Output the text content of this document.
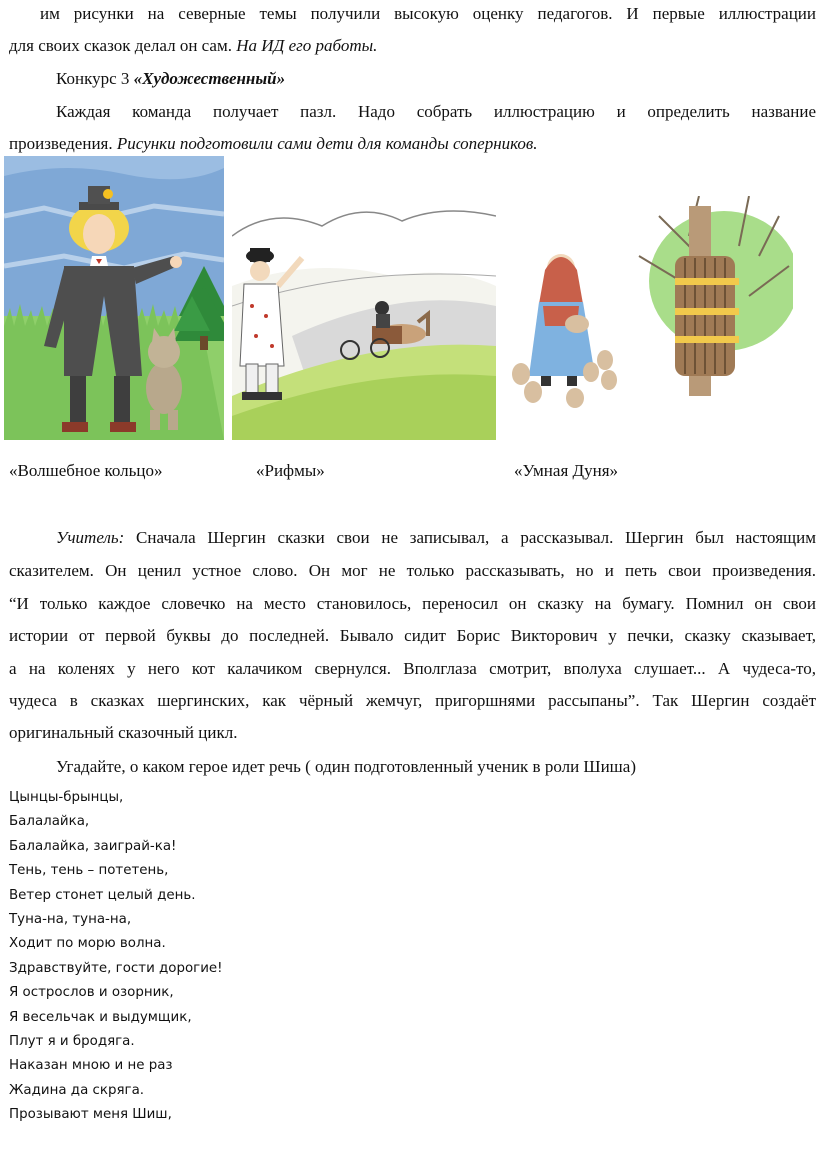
им рисунки на северные темы получили высокую оценку педагогов. И первые иллюстрации
для своих сказок делал он сам. На ИД его работы.
Конкурс 3 «Художественный»
Каждая команда получает пазл. Надо собрать иллюстрацию и определить название
произведения. Рисунки подготовили сами дети для команды соперников.
«Волшебное кольцо»	«Рифмы»	«Умная Дуня»
Учитель: Сначала Шергин сказки свои не записывал, а рассказывал. Шергин был настоящим
сказителем. Он ценил устное слово. Он мог не только рассказывать, но и петь свои произведения.
“И только каждое словечко на место становилось, переносил он сказку на бумагу. Помнил он свои
истории от первой буквы до последней. Бывало сидит Борис Викторович у печки, сказку сказывает,
а на коленях у него кот калачиком свернулся. Вполглаза смотрит, вполуха слушает... А чудеса-то,
чудеса в сказках шергинских, как чёрный жемчуг, пригоршнями рассыпаны”. Так Шергин создаёт
оригинальный сказочный цикл.
Угадайте, о каком герое идет речь ( один подготовленный ученик в роли Шиша)
Цынцы-брынцы,
Балалайка,
Балалайка, заиграй-ка!
Тень, тень – потетень,
Ветер стонет целый день.
Туна-на, туна-на,
Ходит по морю волна.
Здравствуйте, гости дорогие!
Я острослов и озорник,
Я весельчак и выдумщик,
Плут я и бродяга.
Наказан мною и не раз
Жадина да скряга.
Прозывают меня Шиш,
